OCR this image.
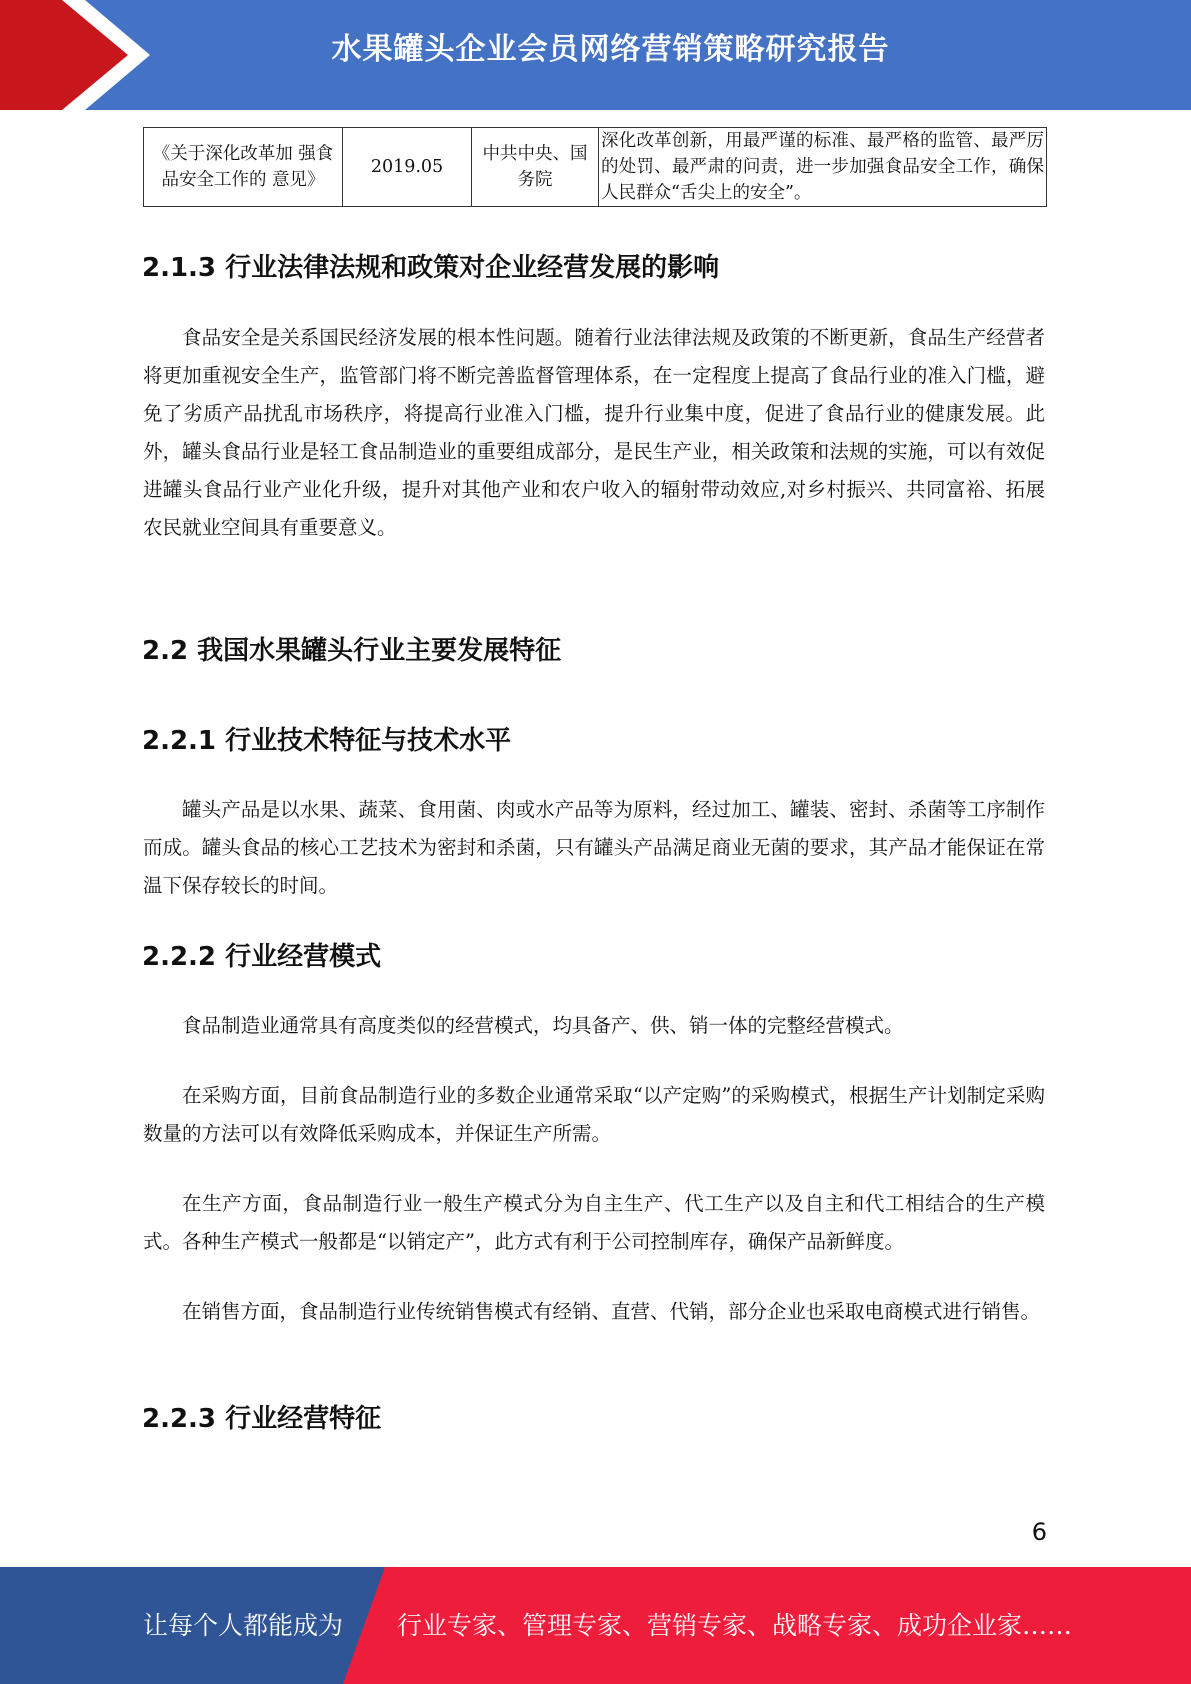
水果罐头企业会员网络营销策略研究报告
《关于深化改革加 强食品安全工作的 意见》	2019.05	中共中央、国务院	深化改革创新，用最严谨的标准、最严格的监管、最严厉的处罚、最严肃的问责，进一步加强食品安全工作，确保人民群众“舌尖上的安全”。
2.1.3 行业法律法规和政策对企业经营发展的影响

食品安全是关系国民经济发展的根本性问题。随着行业法律法规及政策的不断更新，食品生产经营者将更加重视安全生产，监管部门将不断完善监督管理体系，在一定程度上提高了食品行业的准入门槛，避免了劣质产品扰乱市场秩序，将提高行业准入门槛，提升行业集中度，促进了食品行业的健康发展。此外，罐头食品行业是轻工食品制造业的重要组成部分，是民生产业，相关政策和法规的实施，可以有效促进罐头食品行业产业化升级，提升对其他产业和农户收入的辐射带动效应,对乡村振兴、共同富裕、拓展农民就业空间具有重要意义。

2.2 我国水果罐头行业主要发展特征
2.2.1 行业技术特征与技术水平

罐头产品是以水果、蔬菜、食用菌、肉或水产品等为原料，经过加工、罐装、密封、杀菌等工序制作而成。罐头食品的核心工艺技术为密封和杀菌，只有罐头产品满足商业无菌的要求，其产品才能保证在常温下保存较长的时间。

2.2.2 行业经营模式

食品制造业通常具有高度类似的经营模式，均具备产、供、销一体的完整经营模式。

在采购方面，目前食品制造行业的多数企业通常采取“以产定购”的采购模式，根据生产计划制定采购数量的方法可以有效降低采购成本，并保证生产所需。

在生产方面，食品制造行业一般生产模式分为自主生产、代工生产以及自主和代工相结合的生产模式。各种生产模式一般都是“以销定产”，此方式有利于公司控制库存，确保产品新鲜度。

在销售方面，食品制造行业传统销售模式有经销、直营、代销，部分企业也采取电商模式进行销售。

2.2.3 行业经营特征
6
让每个人都能成为 行业专家、管理专家、营销专家、战略专家、成功企业家……
